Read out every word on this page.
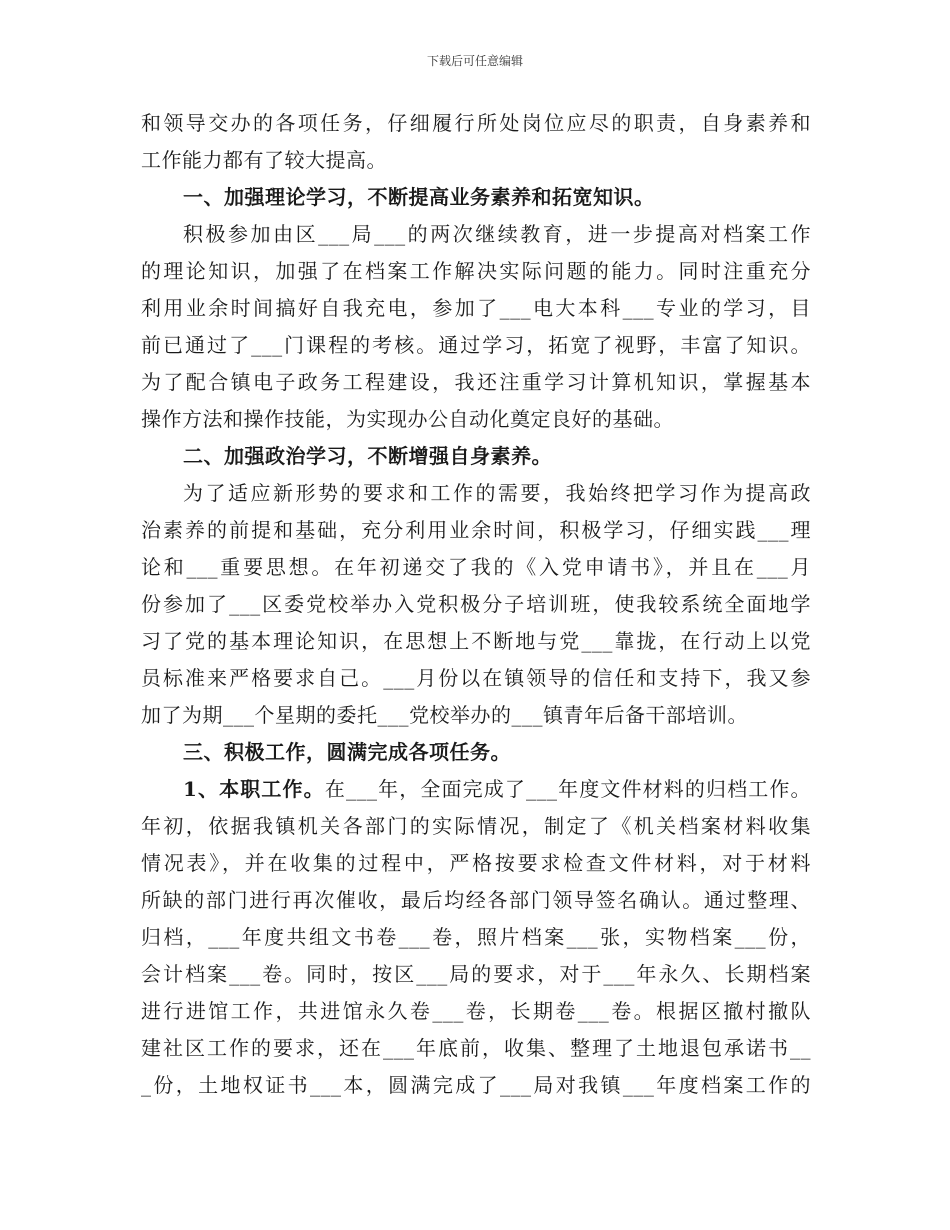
下载后可任意编辑
和领导交办的各项任务，仔细履行所处岗位应尽的职责，自身素养和
工作能力都有了较大提高。
一、加强理论学习，不断提高业务素养和拓宽知识。
积极参加由区___局___的两次继续教育，进一步提高对档案工作
的理论知识，加强了在档案工作解决实际问题的能力。同时注重充分
利用业余时间搞好自我充电，参加了___电大本科___专业的学习，目
前已通过了___门课程的考核。通过学习，拓宽了视野，丰富了知识。
为了配合镇电子政务工程建设，我还注重学习计算机知识，掌握基本
操作方法和操作技能，为实现办公自动化奠定良好的基础。
二、加强政治学习，不断增强自身素养。
为了适应新形势的要求和工作的需要，我始终把学习作为提高政
治素养的前提和基础，充分利用业余时间，积极学习，仔细实践___理
论和___重要思想。在年初递交了我的《入党申请书》，并且在___月
份参加了___区委党校举办入党积极分子培训班，使我较系统全面地学
习了党的基本理论知识，在思想上不断地与党___靠拢，在行动上以党
员标准来严格要求自己。___月份以在镇领导的信任和支持下，我又参
加了为期___个星期的委托___党校举办的___镇青年后备干部培训。
三、积极工作，圆满完成各项任务。
1、本职工作。在___年，全面完成了___年度文件材料的归档工作。
年初，依据我镇机关各部门的实际情况，制定了《机关档案材料收集
情况表》，并在收集的过程中，严格按要求检查文件材料，对于材料
所缺的部门进行再次催收，最后均经各部门领导签名确认。通过整理、
归档，___年度共组文书卷___卷，照片档案___张，实物档案___份，
会计档案___卷。同时，按区___局的要求，对于___年永久、长期档案
进行进馆工作，共进馆永久卷___卷，长期卷___卷。根据区撤村撤队
建社区工作的要求，还在___年底前，收集、整理了土地退包承诺书__
_份，土地权证书___本，圆满完成了___局对我镇___年度档案工作的
